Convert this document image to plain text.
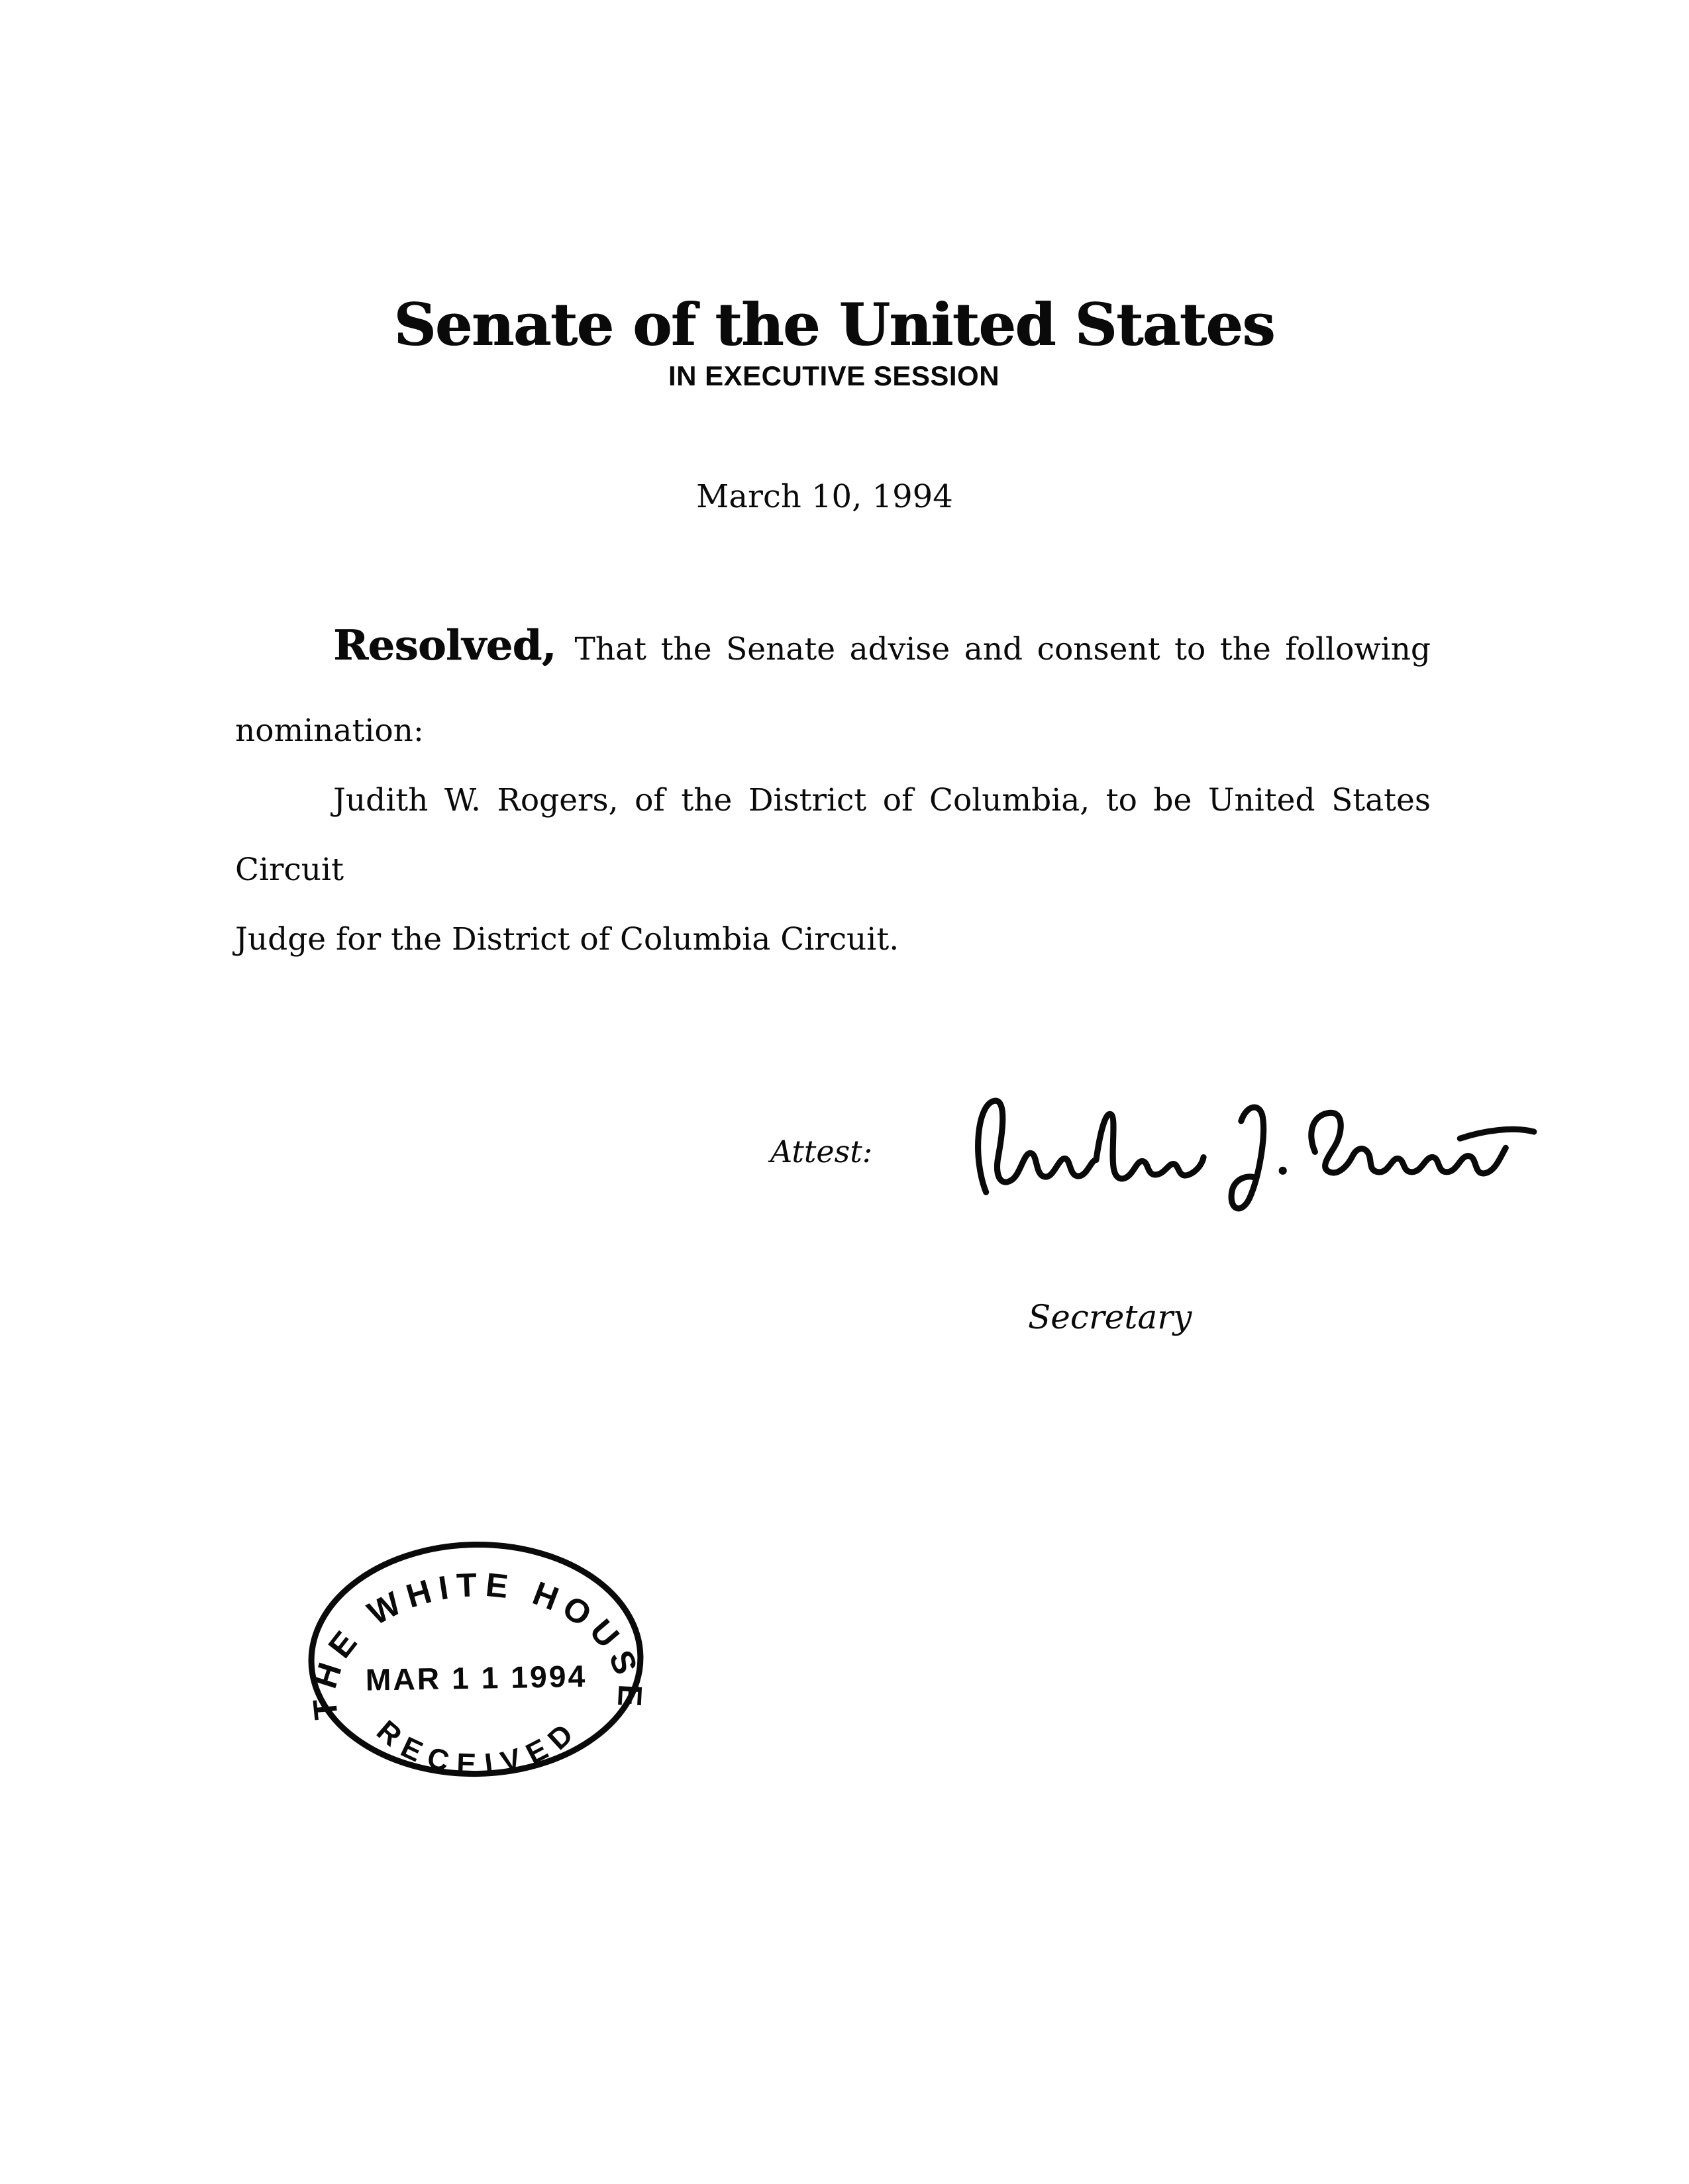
Senate of the United States
IN EXECUTIVE SESSION
March 10, 1994
Resolved, That the Senate advise and consent to the following
nomination:
Judith W. Rogers, of the District of Columbia, to be United States Circuit
Judge for the District of Columbia Circuit.
Attest:
Secretary
THE WHITE HOUSE
MAR 1 1 1994
RECEIVED
